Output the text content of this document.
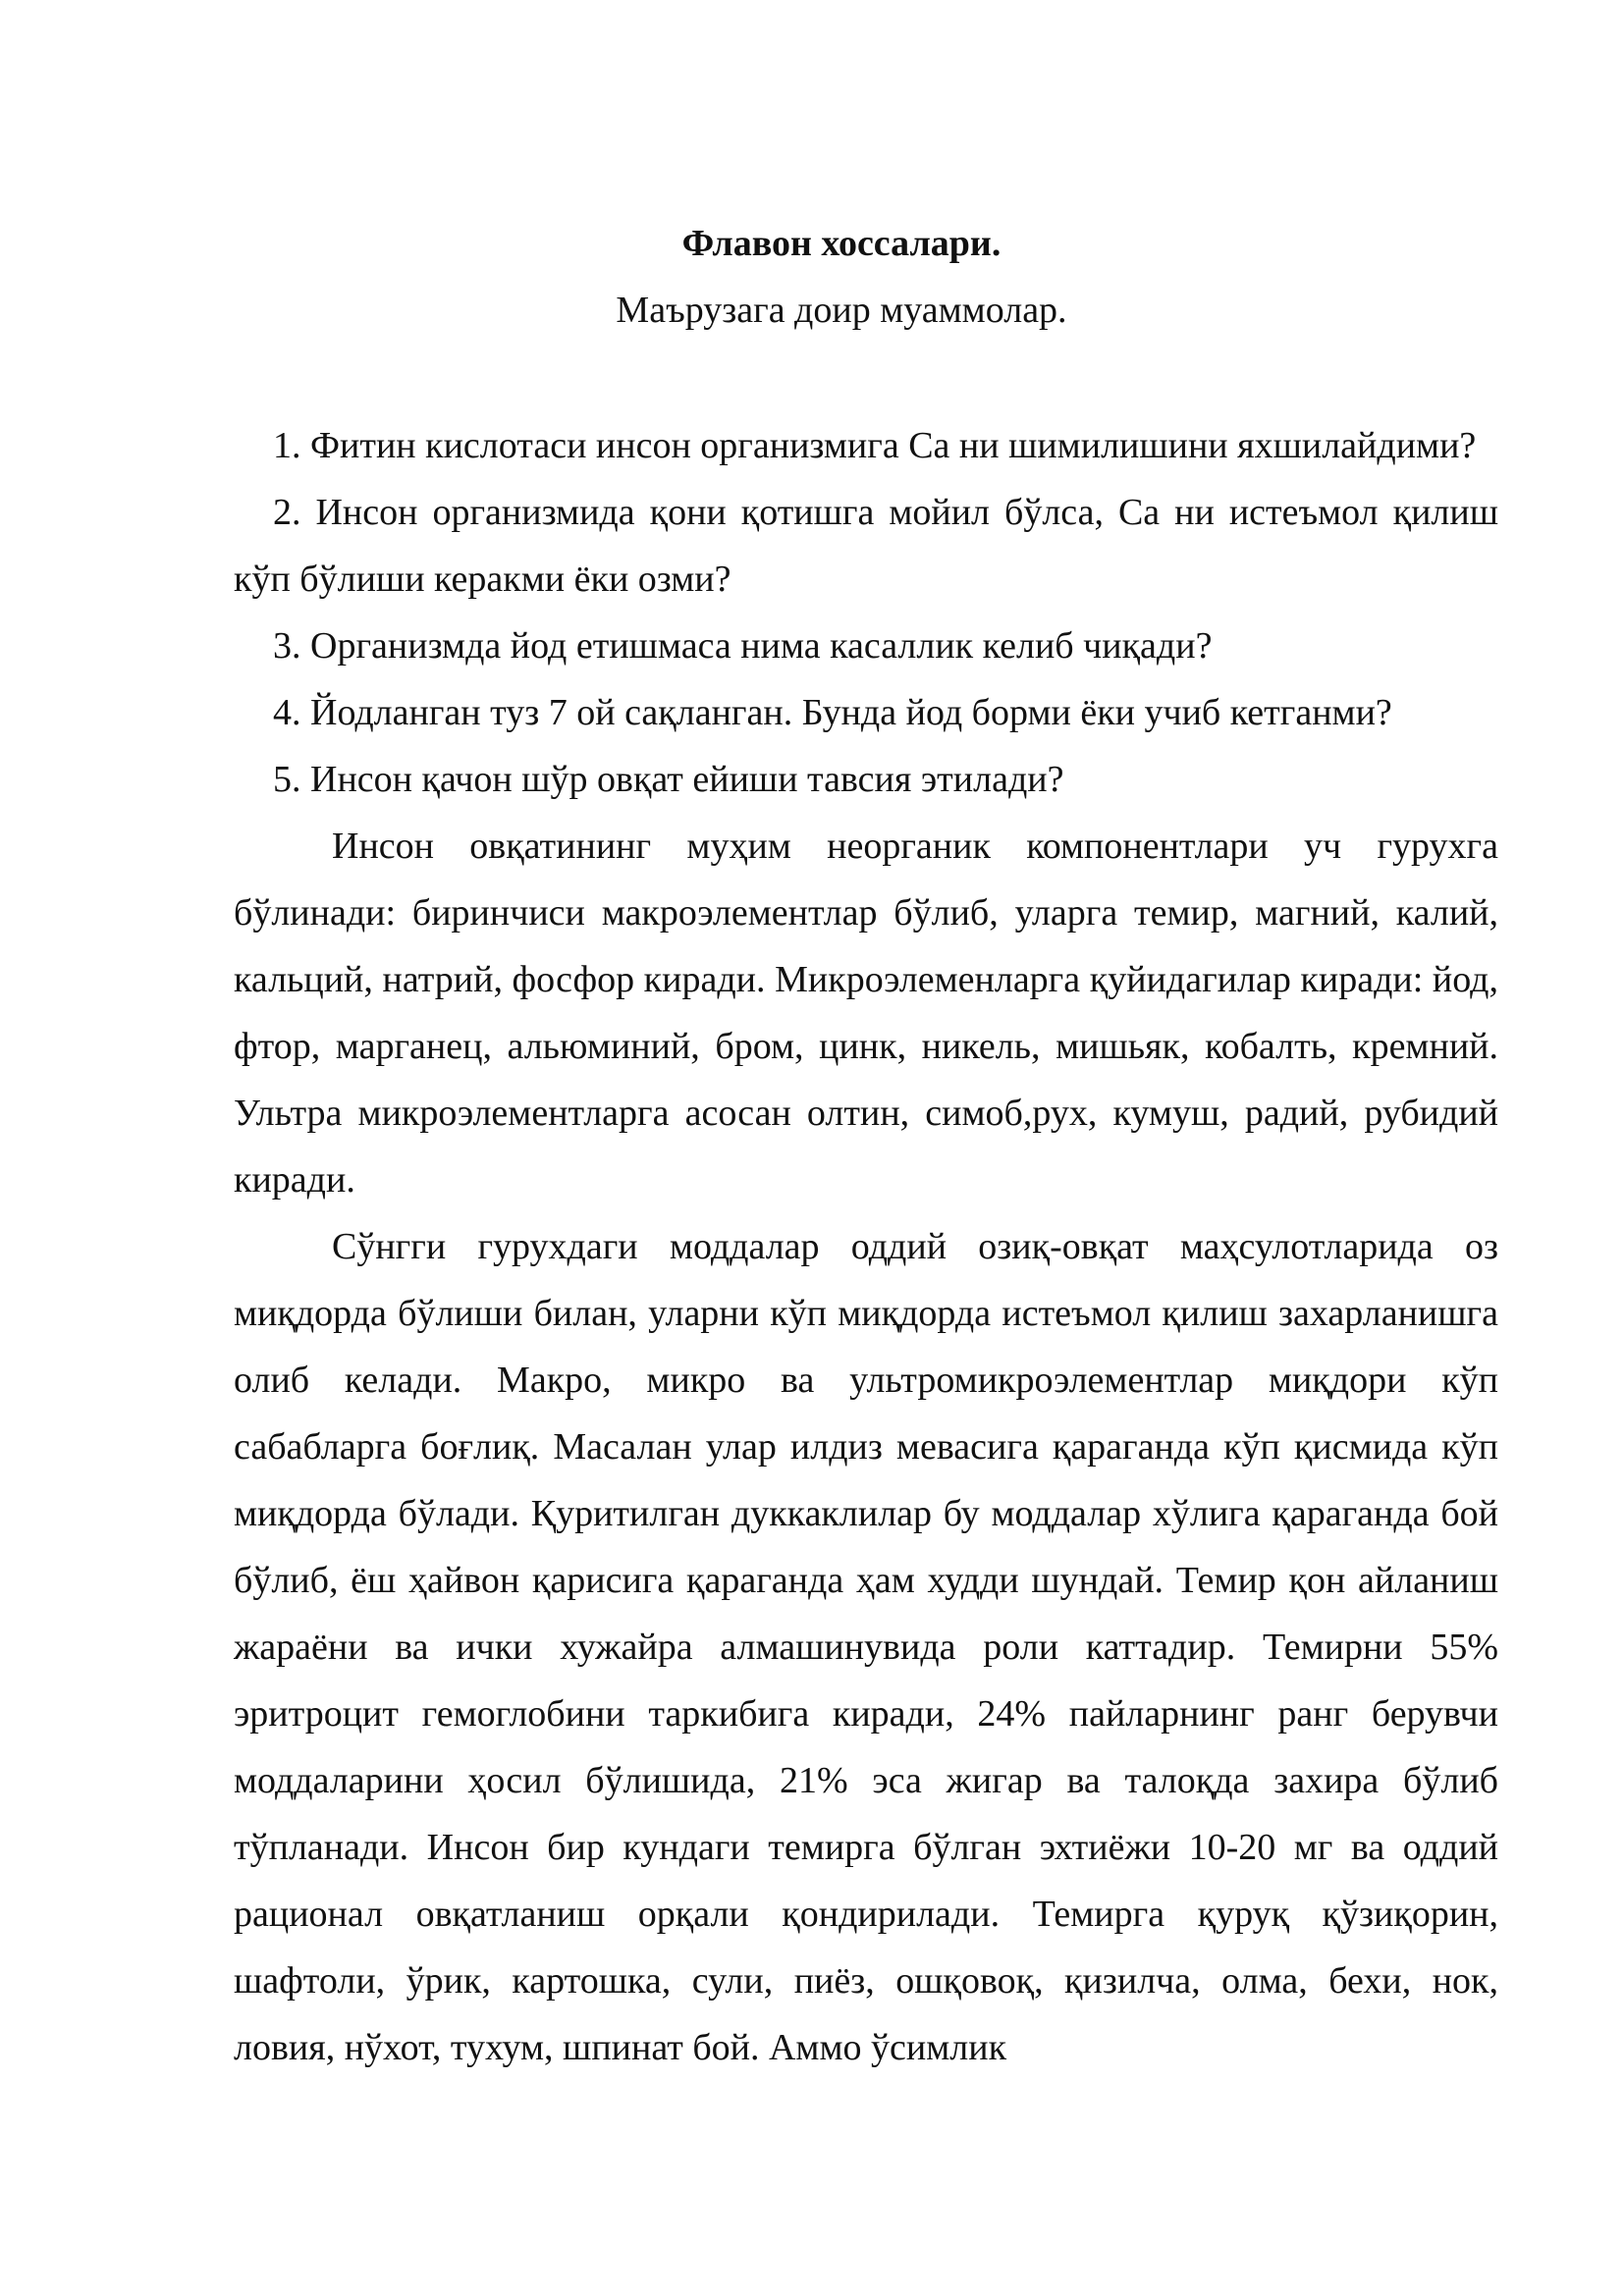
Флавон хоссалари.
Маърузага доир муаммолар.
1. Фитин кислотаси инсон организмига Ca ни шимилишини яхшилайдими?
2. Инсон организмида қони қотишга мойил бўлса, Ca ни истеъмол қилиш кўп бўлиши керакми ёки озми?
3. Организмда йод етишмаса нима касаллик келиб чиқади?
4. Йодланган туз 7 ой сақланган. Бунда йод борми ёки учиб кетганми?
5. Инсон қачон шўр овқат ейиши тавсия этилади?

Инсон овқатининг муҳим неорганик компонентлари уч гурухга бўлинади: биринчиси макроэлементлар бўлиб, уларга темир, магний, калий, кальций, натрий, фосфор киради. Микроэлеменларга қуйидагилар киради: йод, фтор, марганец, альюминий, бром, цинк, никель, мишьяк, кобалть, кремний. Ультра микроэлементларга асосан олтин, симоб,рух, кумуш, радий, рубидий киради.

Сўнгги гурухдаги моддалар оддий озиқ-овқат маҳсулотларида оз миқдорда бўлиши билан, уларни кўп миқдорда истеъмол қилиш захарланишга олиб келади. Макро, микро ва ультромикроэлементлар миқдори кўп сабабларга боғлиқ. Масалан улар илдиз мевасига қараганда кўп қисмида кўп миқдорда бўлади. Қуритилган дуккаклилар бу моддалар хўлига қараганда бой бўлиб, ёш ҳайвон қарисига қараганда ҳам худди шундай. Темир қон айланиш жараёни ва ички хужайра алмашинувида роли каттадир. Темирни 55% эритроцит гемоглобини таркибига киради, 24% пайларнинг ранг берувчи моддаларини ҳосил бўлишида, 21% эса жигар ва талоқда захира бўлиб тўпланади. Инсон бир кундаги темирга бўлган эхтиёжи 10-20 мг ва оддий рационал овқатланиш орқали қондирилади. Темирга қуруқ қўзиқорин, шафтоли, ўрик, картошка, сули, пиёз, ошқовоқ, қизилча, олма, бехи, нок, ловия, нўхот, тухум, шпинат бой. Аммо ўсимлик
